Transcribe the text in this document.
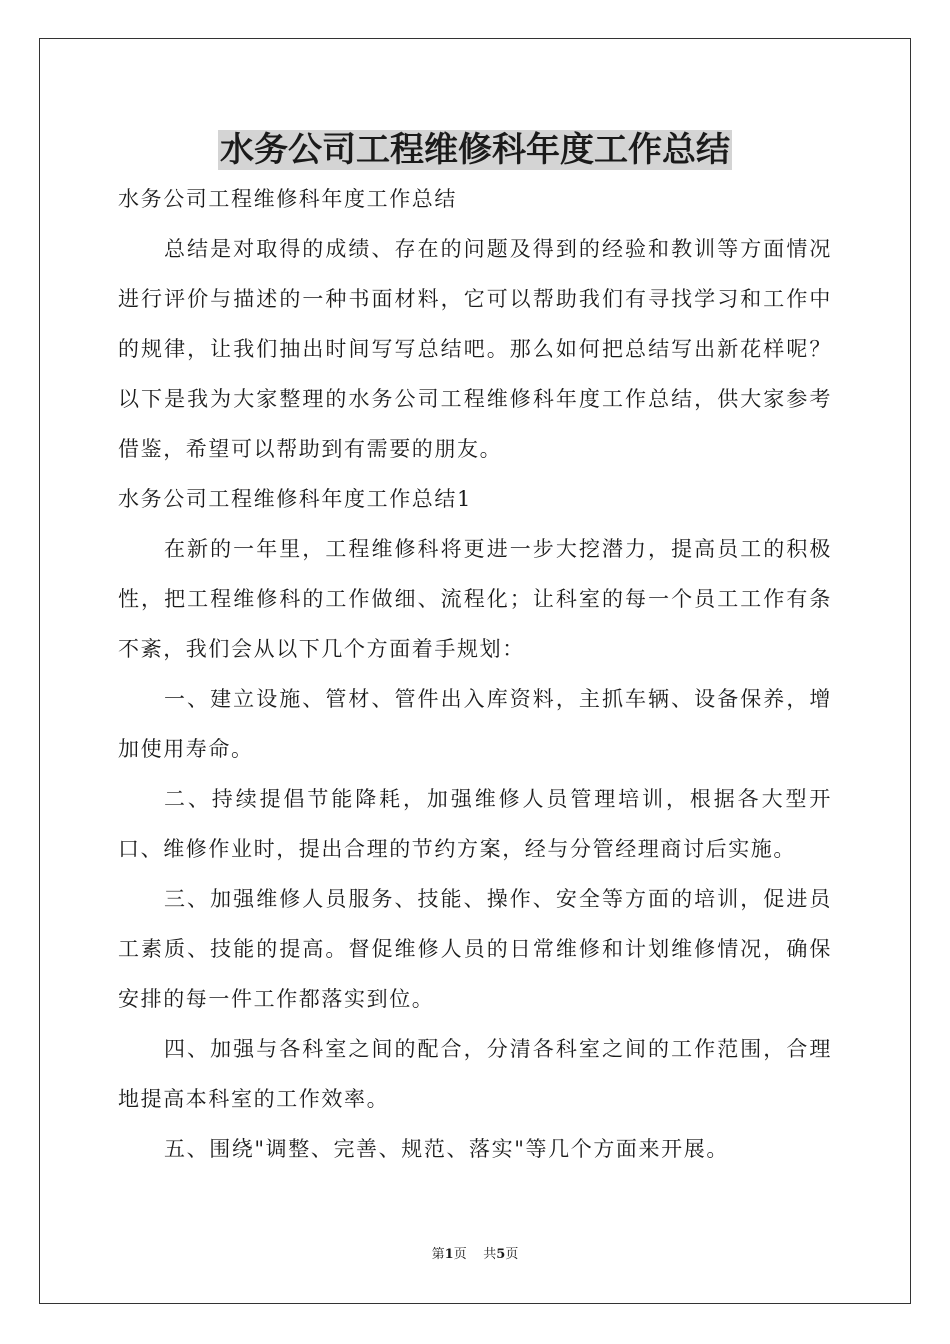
水务公司工程维修科年度工作总结

水务公司工程维修科年度工作总结

总结是对取得的成绩、存在的问题及得到的经验和教训等方面情况进行评价与描述的一种书面材料，它可以帮助我们有寻找学习和工作中的规律，让我们抽出时间写写总结吧。那么如何把总结写出新花样呢？以下是我为大家整理的水务公司工程维修科年度工作总结，供大家参考借鉴，希望可以帮助到有需要的朋友。

水务公司工程维修科年度工作总结1

在新的一年里，工程维修科将更进一步大挖潜力，提高员工的积极性，把工程维修科的工作做细、流程化；让科室的每一个员工工作有条不紊，我们会从以下几个方面着手规划：

一、建立设施、管材、管件出入库资料，主抓车辆、设备保养，增加使用寿命。

二、持续提倡节能降耗，加强维修人员管理培训，根据各大型开口、维修作业时，提出合理的节约方案，经与分管经理商讨后实施。

三、加强维修人员服务、技能、操作、安全等方面的培训，促进员工素质、技能的提高。督促维修人员的日常维修和计划维修情况，确保安排的每一件工作都落实到位。

四、加强与各科室之间的配合，分清各科室之间的工作范围，合理地提高本科室的工作效率。

五、围绕"调整、完善、规范、落实"等几个方面来开展。

第1页 共5页
